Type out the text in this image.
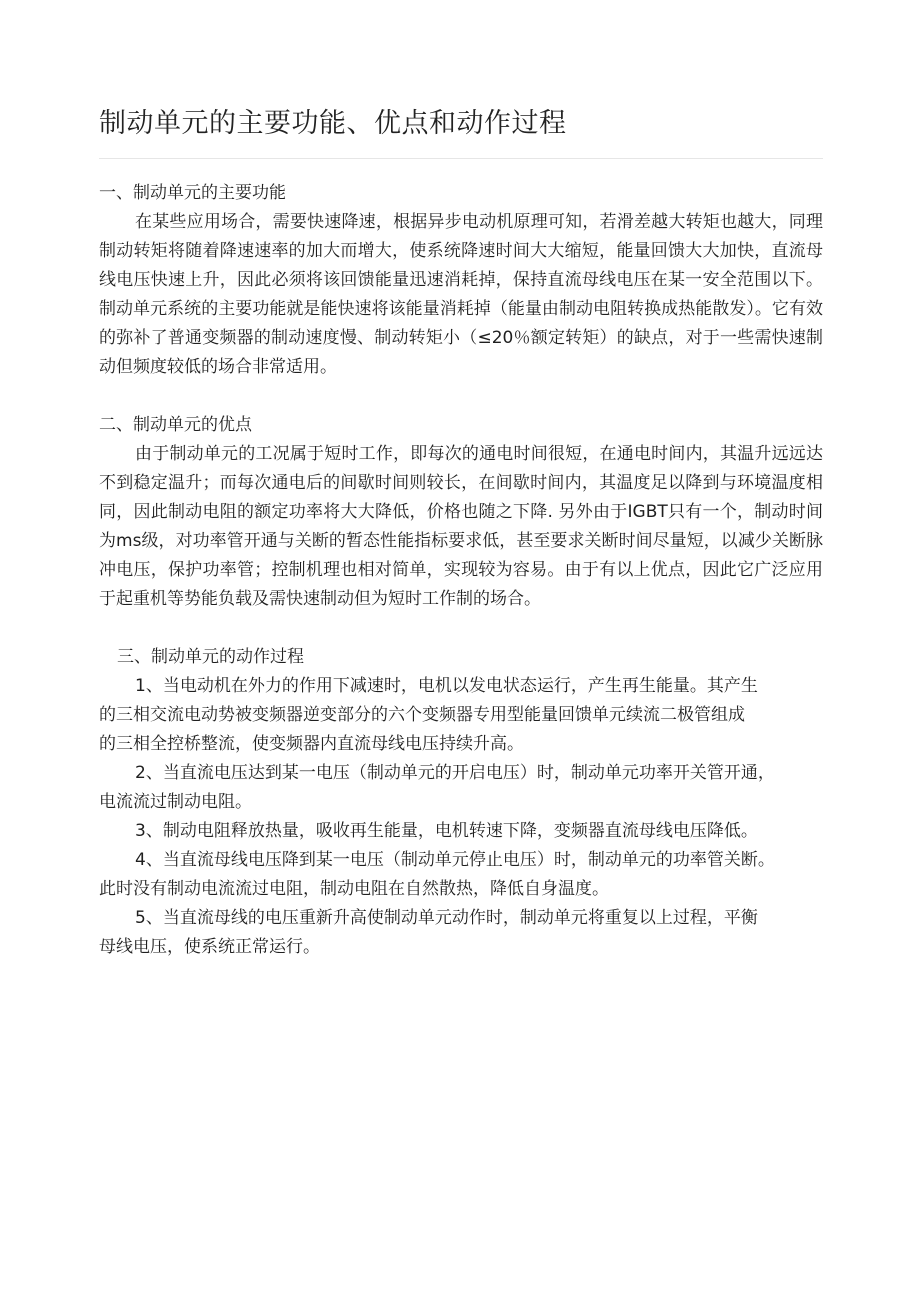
制动单元的主要功能、优点和动作过程
一、制动单元的主要功能

在某些应用场合，需要快速降速，根据异步电动机原理可知，若滑差越大转矩也越大，同理制动转矩将随着降速速率的加大而增大，使系统降速时间大大缩短，能量回馈大大加快，直流母线电压快速上升，因此必须将该回馈能量迅速消耗掉，保持直流母线电压在某一安全范围以下。制动单元系统的主要功能就是能快速将该能量消耗掉（能量由制动电阻转换成热能散发）。它有效的弥补了普通变频器的制动速度慢、制动转矩小（≤20％额定转矩）的缺点，对于一些需快速制动但频度较低的场合非常适用。

二、制动单元的优点

由于制动单元的工况属于短时工作，即每次的通电时间很短，在通电时间内，其温升远远达不到稳定温升；而每次通电后的间歇时间则较长，在间歇时间内，其温度足以降到与环境温度相同，因此制动电阻的额定功率将大大降低，价格也随之下降. 另外由于IGBT只有一个，制动时间为ms级，对功率管开通与关断的暂态性能指标要求低，甚至要求关断时间尽量短，以减少关断脉冲电压，保护功率管；控制机理也相对简单，实现较为容易。由于有以上优点，因此它广泛应用于起重机等势能负载及需快速制动但为短时工作制的场合。

三、制动单元的动作过程

1、当电动机在外力的作用下减速时，电机以发电状态运行，产生再生能量。其产生

的三相交流电动势被变频器逆变部分的六个变频器专用型能量回馈单元续流二极管组成

的三相全控桥整流，使变频器内直流母线电压持续升高。

2、当直流电压达到某一电压（制动单元的开启电压）时，制动单元功率开关管开通，

电流流过制动电阻。

3、制动电阻释放热量，吸收再生能量，电机转速下降，变频器直流母线电压降低。

4、当直流母线电压降到某一电压（制动单元停止电压）时，制动单元的功率管关断。

此时没有制动电流流过电阻，制动电阻在自然散热，降低自身温度。

5、当直流母线的电压重新升高使制动单元动作时，制动单元将重复以上过程，平衡

母线电压，使系统正常运行。
